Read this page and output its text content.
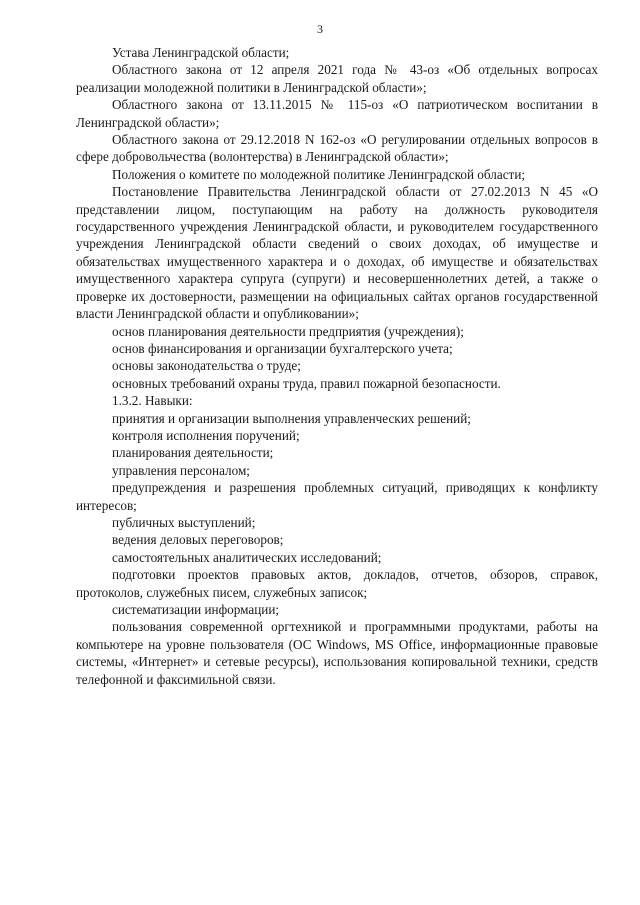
3

Устава Ленинградской области;

Областного закона от 12 апреля 2021 года № 43-оз «Об отдельных вопросах реализации молодежной политики в Ленинградской области»;

Областного закона от 13.11.2015 № 115-оз «О патриотическом воспитании в Ленинградской области»;

Областного закона от 29.12.2018 N 162-оз «О регулировании отдельных вопросов в сфере добровольчества (волонтерства) в Ленинградской области»;

Положения о комитете по молодежной политике Ленинградской области;

Постановление Правительства Ленинградской области от 27.02.2013 N 45 «О представлении лицом, поступающим на работу на должность руководителя государственного учреждения Ленинградской области, и руководителем государственного учреждения Ленинградской области сведений о своих доходах, об имуществе и обязательствах имущественного характера и о доходах, об имуществе и обязательствах имущественного характера супруга (супруги) и несовершеннолетних детей, а также о проверке их достоверности, размещении на официальных сайтах органов государственной власти Ленинградской области и опубликовании»;

основ планирования деятельности предприятия (учреждения);

основ финансирования и организации бухгалтерского учета;

основы законодательства о труде;

основных требований охраны труда, правил пожарной безопасности.

1.3.2. Навыки:

принятия и организации выполнения управленческих решений;

контроля исполнения поручений;

планирования деятельности;

управления персоналом;

предупреждения и разрешения проблемных ситуаций, приводящих к конфликту интересов;

публичных выступлений;

ведения деловых переговоров;

самостоятельных аналитических исследований;

подготовки проектов правовых актов, докладов, отчетов, обзоров, справок, протоколов, служебных писем, служебных записок;

систематизации информации;

пользования современной оргтехникой и программными продуктами, работы на компьютере на уровне пользователя (ОС Windows, MS Office, информационные правовые системы, «Интернет» и сетевые ресурсы), использования копировальной техники, средств телефонной и факсимильной связи.
